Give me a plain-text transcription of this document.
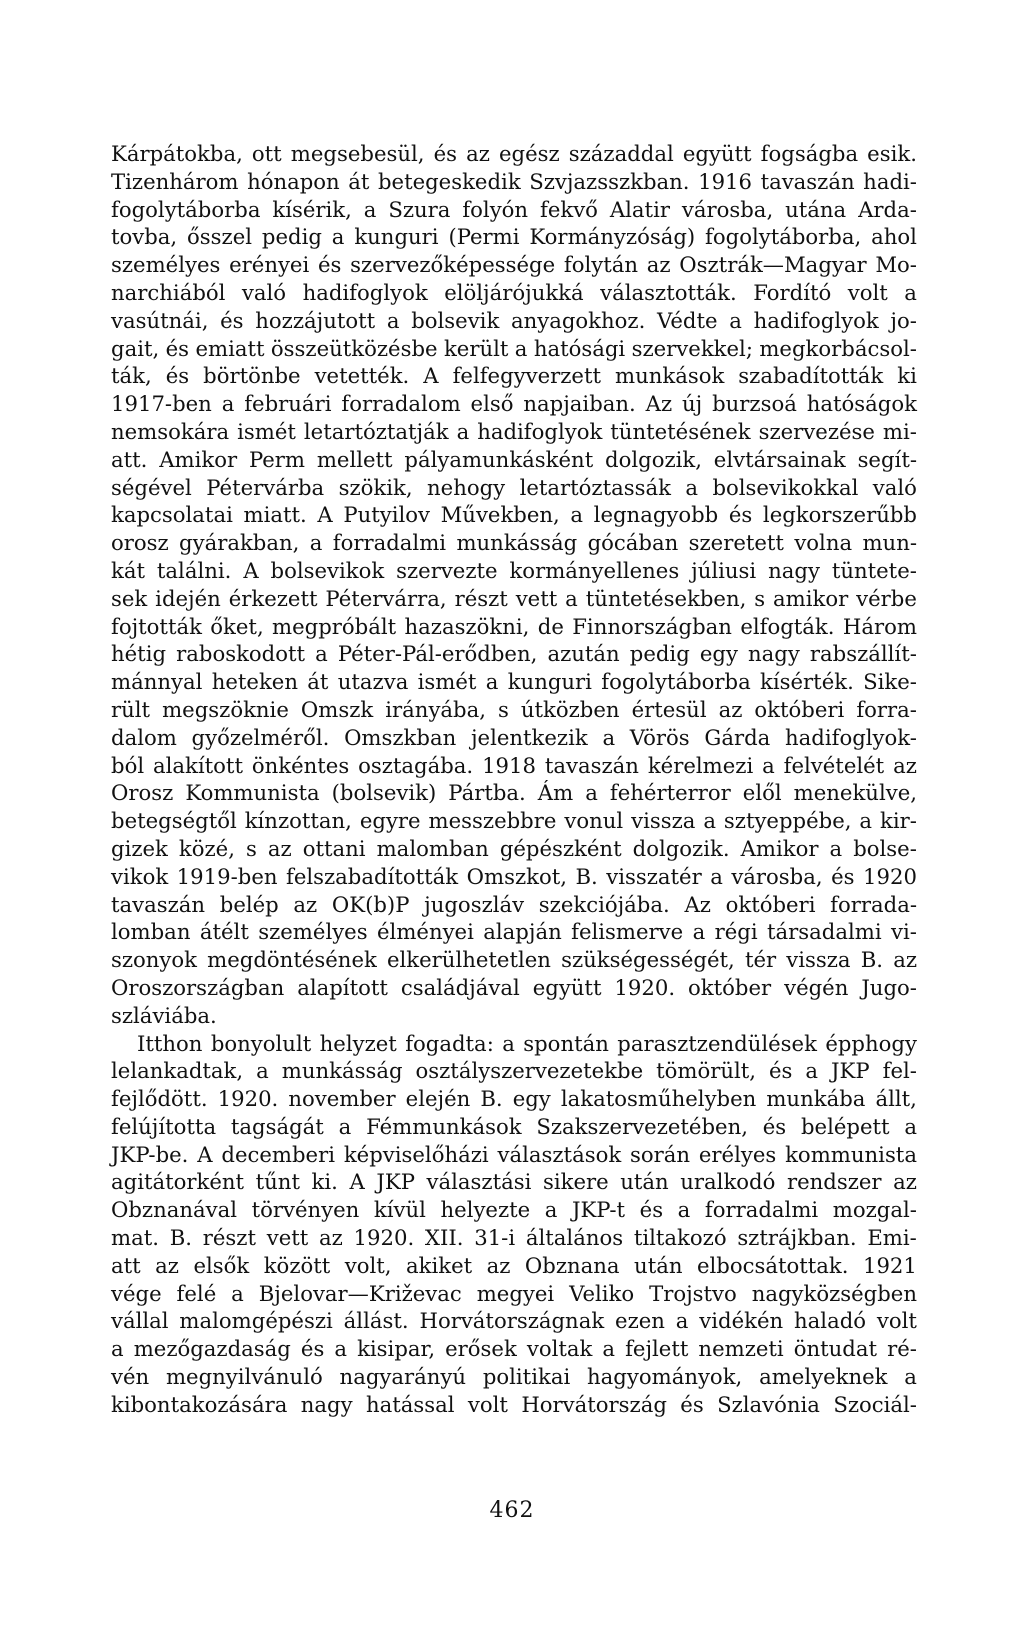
Kárpátokba, ott megsebesül, és az egész századdal együtt fogságba esik.
Tizenhárom hónapon át betegeskedik Szvjazsszkban. 1916 tavaszán hadi-
fogolytáborba kísérik, a Szura folyón fekvő Alatir városba, utána Arda-
tovba, ősszel pedig a kunguri (Permi Kormányzóság) fogolytáborba, ahol
személyes erényei és szervezőképessége folytán az Osztrák—Magyar Mo-
narchiából való hadifoglyok elöljárójukká választották. Fordító volt a
vasútnái, és hozzájutott a bolsevik anyagokhoz. Védte a hadifoglyok jo-
gait, és emiatt összeütközésbe került a hatósági szervekkel; megkorbácsol-
ták, és börtönbe vetették. A felfegyverzett munkások szabadították ki
1917-ben a februári forradalom első napjaiban. Az új burzsoá hatóságok
nemsokára ismét letartóztatják a hadifoglyok tüntetésének szervezése mi-
att. Amikor Perm mellett pályamunkásként dolgozik, elvtársainak segít-
ségével Pétervárba szökik, nehogy letartóztassák a bolsevikokkal való
kapcsolatai miatt. A Putyilov Művekben, a legnagyobb és legkorszerűbb
orosz gyárakban, a forradalmi munkásság gócában szeretett volna mun-
kát találni. A bolsevikok szervezte kormányellenes júliusi nagy tüntete-
sek idején érkezett Pétervárra, részt vett a tüntetésekben, s amikor vérbe
fojtották őket, megpróbált hazaszökni, de Finnországban elfogták. Három
hétig raboskodott a Péter-Pál-erődben, azután pedig egy nagy rabszállít-
mánnyal heteken át utazva ismét a kunguri fogolytáborba kísérték. Sike-
rült megszöknie Omszk irányába, s útközben értesül az októberi forra-
dalom győzelméről. Omszkban jelentkezik a Vörös Gárda hadifoglyok-
ból alakított önkéntes osztagába. 1918 tavaszán kérelmezi a felvételét az
Orosz Kommunista (bolsevik) Pártba. Ám a fehérterror elől menekülve,
betegségtől kínzottan, egyre messzebbre vonul vissza a sztyeppébe, a kir-
gizek közé, s az ottani malomban gépészként dolgozik. Amikor a bolse-
vikok 1919-ben felszabadították Omszkot, B. visszatér a városba, és 1920
tavaszán belép az OK(b)P jugoszláv szekciójába. Az októberi forrada-
lomban átélt személyes élményei alapján felismerve a régi társadalmi vi-
szonyok megdöntésének elkerülhetetlen szükségességét, tér vissza B. az
Oroszországban alapított családjával együtt 1920. október végén Jugo-
szláviába.
Itthon bonyolult helyzet fogadta: a spontán parasztzendülések épphogy
lelankadtak, a munkásság osztályszervezetekbe tömörült, és a JKP fel-
fejlődött. 1920. november elején B. egy lakatosműhelyben munkába állt,
felújította tagságát a Fémmunkások Szakszervezetében, és belépett a
JKP-be. A decemberi képviselőházi választások során erélyes kommunista
agitátorként tűnt ki. A JKP választási sikere után uralkodó rendszer az
Obznanával törvényen kívül helyezte a JKP-t és a forradalmi mozgal-
mat. B. részt vett az 1920. XII. 31-i általános tiltakozó sztrájkban. Emi-
att az elsők között volt, akiket az Obznana után elbocsátottak. 1921
vége felé a Bjelovar—Križevac megyei Veliko Trojstvo nagyközségben
vállal malomgépészi állást. Horvátországnak ezen a vidékén haladó volt
a mezőgazdaság és a kisipar, erősek voltak a fejlett nemzeti öntudat ré-
vén megnyilvánuló nagyarányú politikai hagyományok, amelyeknek a
kibontakozására nagy hatással volt Horvátország és Szlavónia Szociál-
462
